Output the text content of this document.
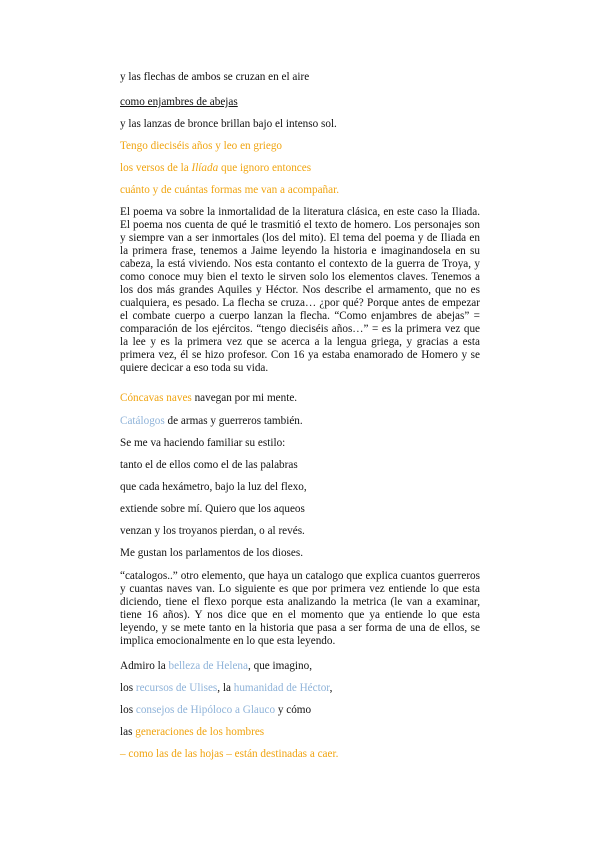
y las flechas de ambos se cruzan en el aire
como enjambres de abejas
y las lanzas de bronce brillan bajo el intenso sol.
Tengo dieciséis años y leo en griego
los versos de la Ilíada que ignoro entonces
cuánto y de cuántas formas me van a acompañar.
El poema va sobre la inmortalidad de la literatura clásica, en este caso la Iliada. El poema nos cuenta de qué le trasmitió el texto de homero. Los personajes son y siempre van a ser inmortales (los del mito). El tema del poema y de Iliada en la primera frase, tenemos a Jaime leyendo la historia e imaginandosela en su cabeza, la está viviendo. Nos esta contanto el contexto de la guerra de Troya, y como conoce muy bien el texto le sirven solo los elementos claves. Tenemos a los dos más grandes Aquiles y Héctor. Nos describe el armamento, que no es cualquiera, es pesado. La flecha se cruza… ¿por qué? Porque antes de empezar el combate cuerpo a cuerpo lanzan la flecha. “Como enjambres de abejas” = comparación de los ejércitos. “tengo dieciséis años…” = es la primera vez que la lee y es la primera vez que se acerca a la lengua griega, y gracias a esta primera vez, él se hizo profesor. Con 16 ya estaba enamorado de Homero y se quiere decicar a eso toda su vida.
Cóncavas naves navegan por mi mente.
Catálogos de armas y guerreros también.
Se me va haciendo familiar su estilo:
tanto el de ellos como el de las palabras
que cada hexámetro, bajo la luz del flexo,
extiende sobre mí. Quiero que los aqueos
venzan y los troyanos pierdan, o al revés.
Me gustan los parlamentos de los dioses.
“catalogos..” otro elemento, que haya un catalogo que explica cuantos guerreros y cuantas naves van. Lo siguiente es que por primera vez entiende lo que esta diciendo, tiene el flexo porque esta analizando la metrica (le van a examinar, tiene 16 años). Y nos dice que en el momento que ya entiende lo que esta leyendo, y se mete tanto en la historia que pasa a ser forma de una de ellos, se implica emocionalmente en lo que esta leyendo.
Admiro la belleza de Helena, que imagino,
los recursos de Ulises, la humanidad de Héctor,
los consejos de Hipóloco a Glauco y cómo
las generaciones de los hombres
– como las de las hojas – están destinadas a caer.
